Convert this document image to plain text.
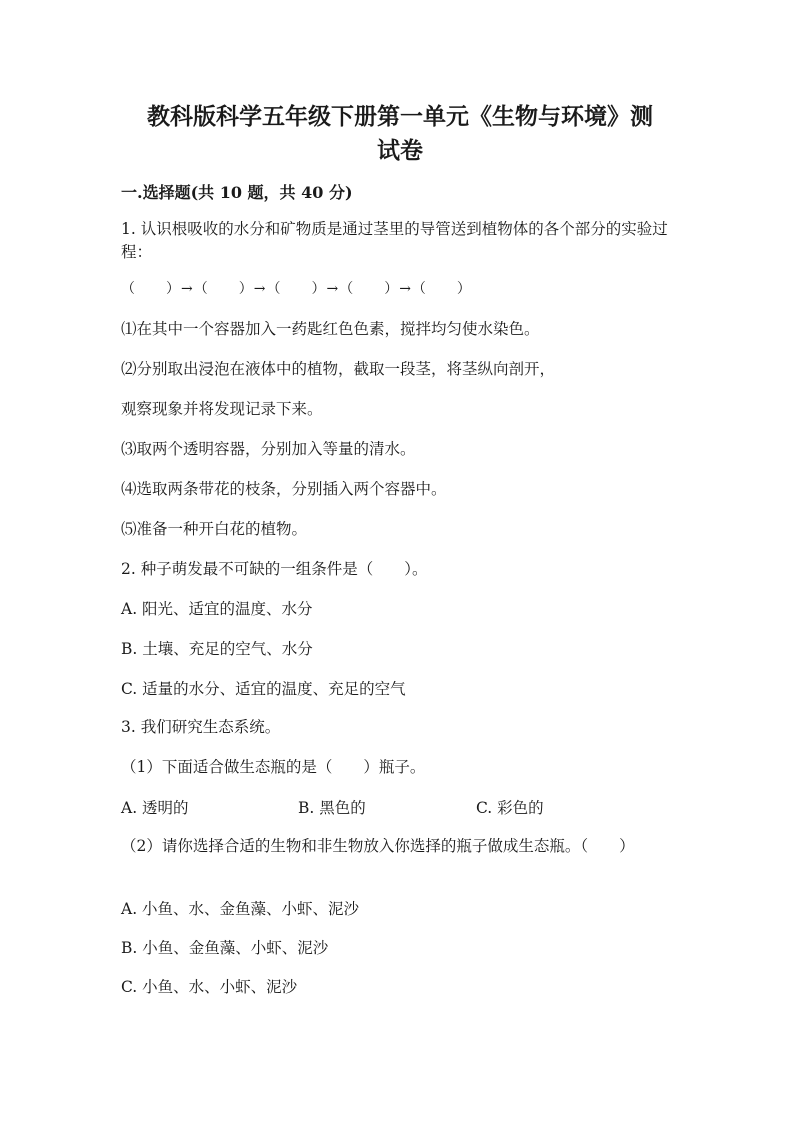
教科版科学五年级下册第一单元《生物与环境》测
试卷
一.选择题(共 10 题，共 40 分)
1. 认识根吸收的水分和矿物质是通过茎里的导管送到植物体的各个部分的实验过程：
（　　）→（　　）→（　　）→（　　）→（　　）
⑴在其中一个容器加入一药匙红色色素，搅拌均匀使水染色。
⑵分别取出浸泡在液体中的植物，截取一段茎，将茎纵向剖开，
观察现象并将发现记录下来。
⑶取两个透明容器，分别加入等量的清水。
⑷选取两条带花的枝条，分别插入两个容器中。
⑸准备一种开白花的植物。
2. 种子萌发最不可缺的一组条件是（　　）。
A. 阳光、适宜的温度、水分
B. 土壤、充足的空气、水分
C. 适量的水分、适宜的温度、充足的空气
3. 我们研究生态系统。
（1）下面适合做生态瓶的是（　　）瓶子。
A. 透明的	B. 黑色的	C. 彩色的
（2）请你选择合适的生物和非生物放入你选择的瓶子做成生态瓶。（　　）
A. 小鱼、水、金鱼藻、小虾、泥沙
B. 小鱼、金鱼藻、小虾、泥沙
C. 小鱼、水、小虾、泥沙
